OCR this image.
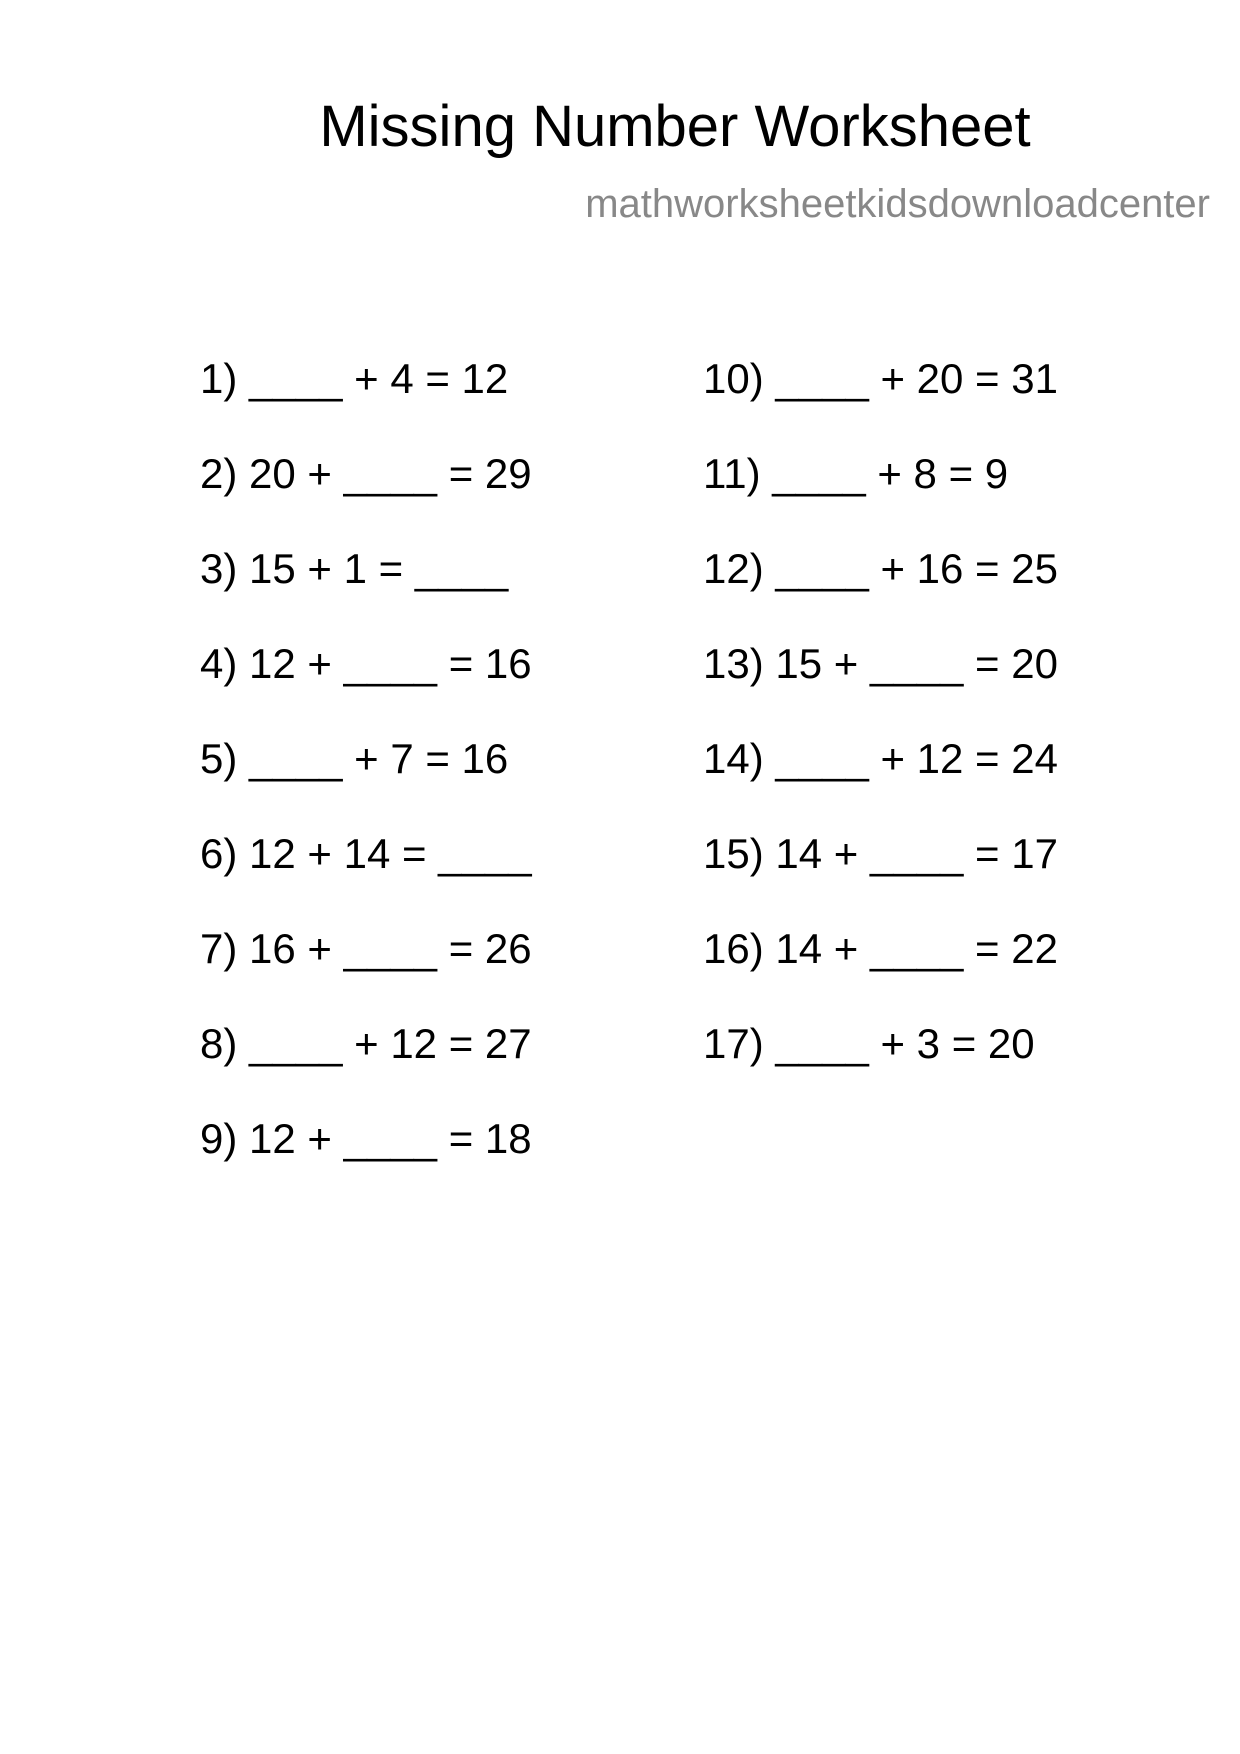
Missing Number Worksheet
mathworksheetkidsdownloadcenter
1) ____ + 4 = 12
2) 20 + ____ = 29
3) 15 + 1 = ____
4) 12 + ____ = 16
5) ____ + 7 = 16
6) 12 + 14 = ____
7) 16 + ____ = 26
8) ____ + 12 = 27
9) 12 + ____ = 18
10) ____ + 20 = 31
11) ____ + 8 = 9
12) ____ + 16 = 25
13) 15 + ____ = 20
14) ____ + 12 = 24
15) 14 + ____ = 17
16) 14 + ____ = 22
17) ____ + 3 = 20
